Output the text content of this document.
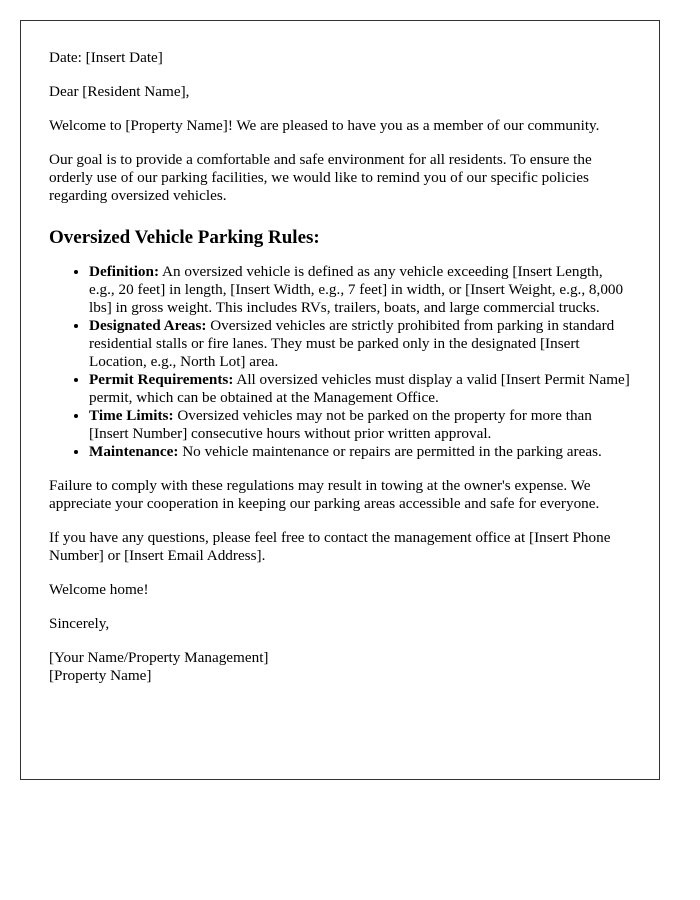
Date: [Insert Date]

Dear [Resident Name],

Welcome to [Property Name]! We are pleased to have you as a member of our community.

Our goal is to provide a comfortable and safe environment for all residents. To ensure the orderly use of our parking facilities, we would like to remind you of our specific policies regarding oversized vehicles.

Oversized Vehicle Parking Rules:
• Definition: An oversized vehicle is defined as any vehicle exceeding [Insert Length, e.g., 20 feet] in length, [Insert Width, e.g., 7 feet] in width, or [Insert Weight, e.g., 8,000 lbs] in gross weight. This includes RVs, trailers, boats, and large commercial trucks.
• Designated Areas: Oversized vehicles are strictly prohibited from parking in standard residential stalls or fire lanes. They must be parked only in the designated [Insert Location, e.g., North Lot] area.
• Permit Requirements: All oversized vehicles must display a valid [Insert Permit Name] permit, which can be obtained at the Management Office.
• Time Limits: Oversized vehicles may not be parked on the property for more than [Insert Number] consecutive hours without prior written approval.
• Maintenance: No vehicle maintenance or repairs are permitted in the parking areas.

Failure to comply with these regulations may result in towing at the owner's expense. We appreciate your cooperation in keeping our parking areas accessible and safe for everyone.

If you have any questions, please feel free to contact the management office at [Insert Phone Number] or [Insert Email Address].

Welcome home!

Sincerely,

[Your Name/Property Management]

[Property Name]
